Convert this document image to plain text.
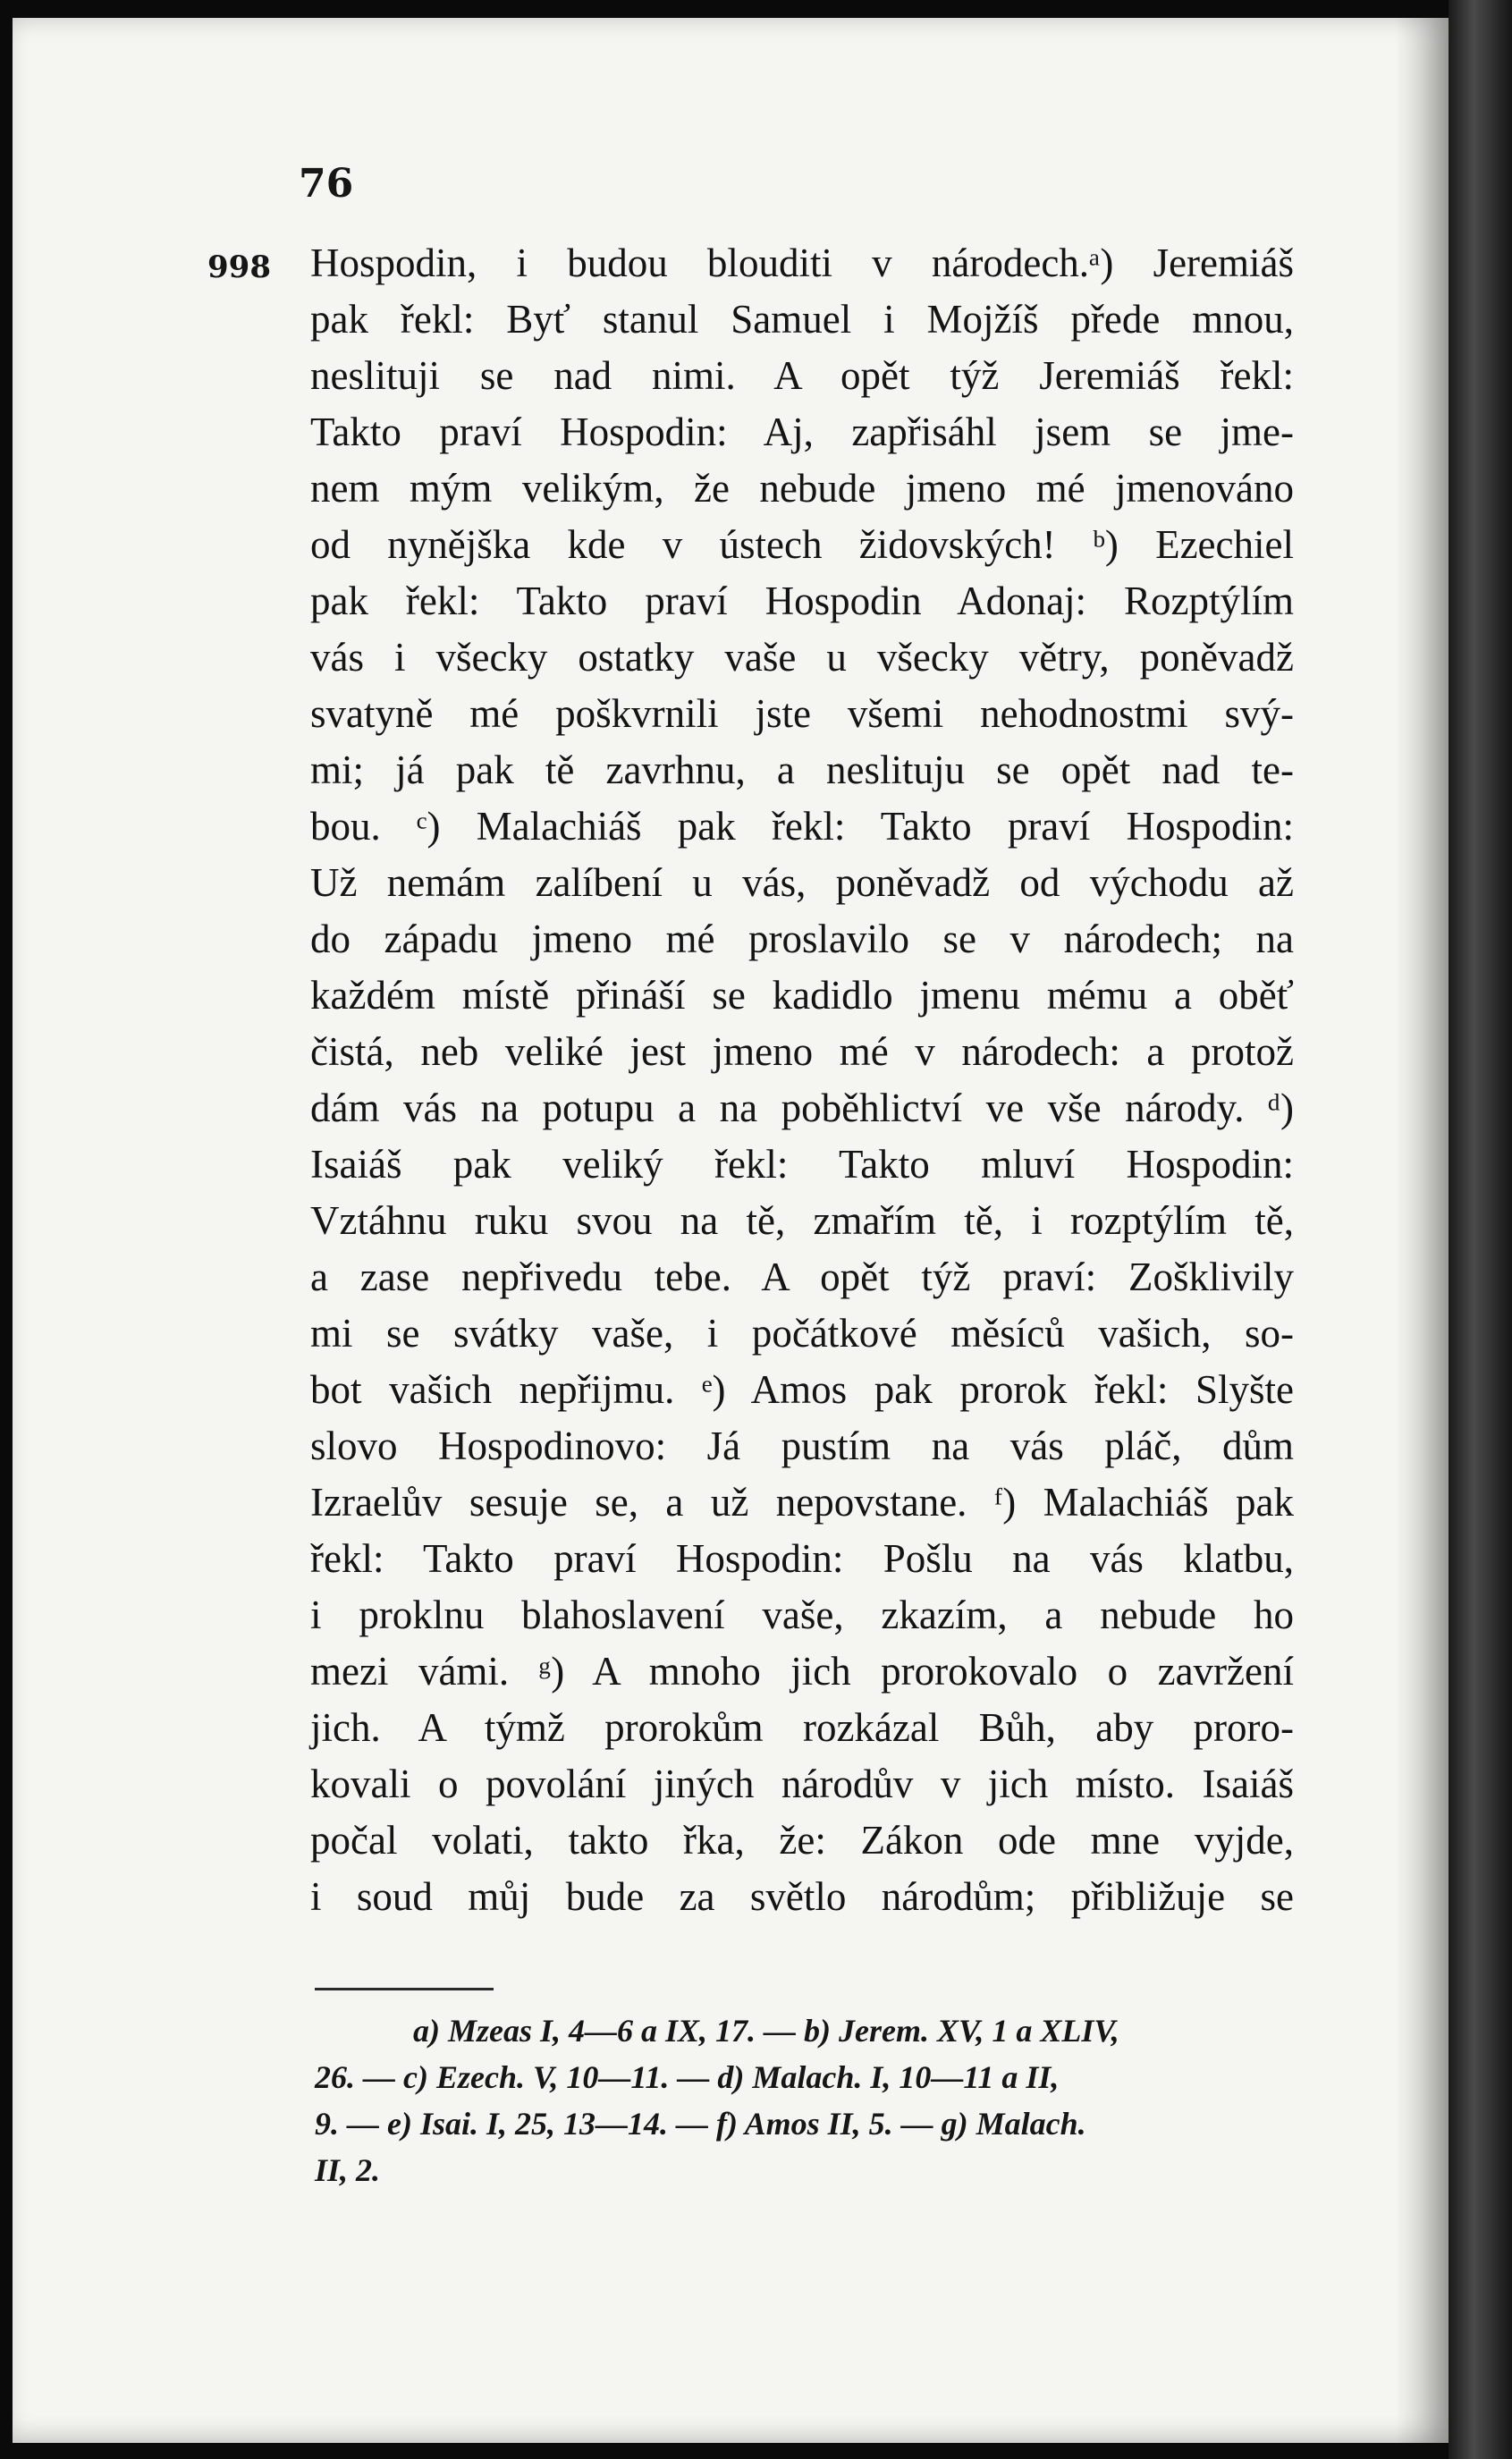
76
998 Hospodin, i budou blouditi v národech.ᵃ) Jeremiáš
pak řekl: Byť stanul Samuel i Mojžíš přede mnou,
neslituji se nad nimi. A opět týž Jeremiáš řekl:
Takto praví Hospodin: Aj, zapřisáhl jsem se jme-
nem mým velikým, že nebude jmeno mé jmenováno
od nynějška kde v ústech židovských! ᵇ) Ezechiel
pak řekl: Takto praví Hospodin Adonaj: Rozptýlím
vás i všecky ostatky vaše u všecky větry, poněvadž
svatyně mé poškvrnili jste všemi nehodnostmi svý-
mi; já pak tě zavrhnu, a neslituju se opět nad te-
bou. ᶜ) Malachiáš pak řekl: Takto praví Hospodin:
Už nemám zalíbení u vás, poněvadž od východu až
do západu jmeno mé proslavilo se v národech; na
každém místě přináší se kadidlo jmenu mému a oběť
čistá, neb veliké jest jmeno mé v národech: a protož
dám vás na potupu a na poběhlictví ve vše národy. ᵈ)
Isaiáš pak veliký řekl: Takto mluví Hospodin:
Vztáhnu ruku svou na tě, zmařím tě, i rozptýlím tě,
a zase nepřivedu tebe. A opět týž praví: Zošklivily
mi se svátky vaše, i počátkové měsíců vašich, so-
bot vašich nepřijmu. ᵉ) Amos pak prorok řekl: Slyšte
slovo Hospodinovo: Já pustím na vás pláč, dům
Izraelův sesuje se, a už nepovstane. ᶠ) Malachiáš pak
řekl: Takto praví Hospodin: Pošlu na vás klatbu,
i proklnu blahoslavení vaše, zkazím, a nebude ho
mezi vámi. ᵍ) A mnoho jich prorokovalo o zavržení
jich. A týmž prorokům rozkázal Bůh, aby proro-
kovali o povolání jiných národův v jich místo. Isaiáš
počal volati, takto řka, že: Zákon ode mne vyjde,
i soud můj bude za světlo národům; přibližuje se
a) Mzeas I, 4—6 a IX, 17. — b) Jerem. XV, 1 a XLIV,
26. — c) Ezech. V, 10—11. — d) Malach. I, 10—11 a II,
9. — e) Isai. I, 25, 13—14. — f) Amos II, 5. — g) Malach.
II, 2.
